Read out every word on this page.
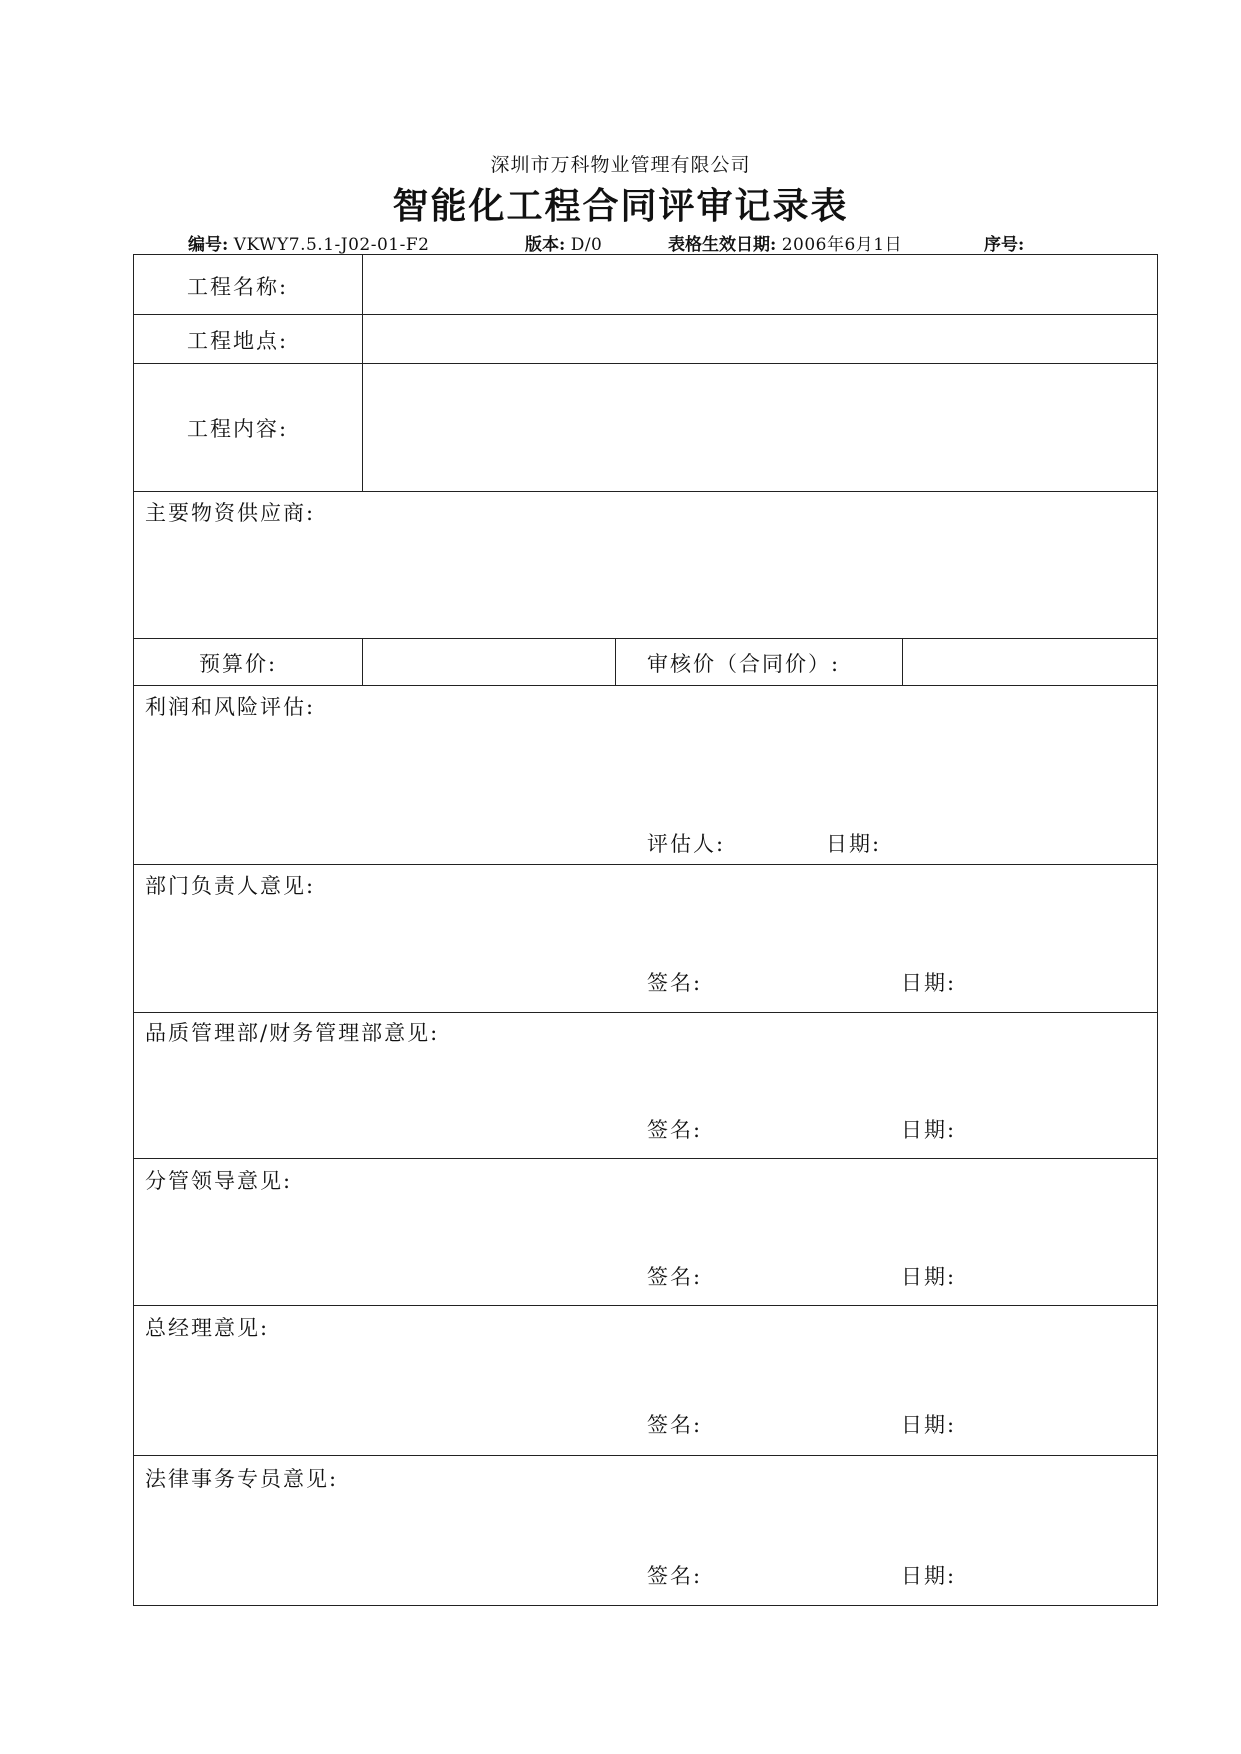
深圳市万科物业管理有限公司
智能化工程合同评审记录表
编号: VKWY7.5.1-J02-01-F2	版本: D/0	表格生效日期: 2006年6月1日	序号:
工程名称:
工程地点:
工程内容:
主要物资供应商:
预算价:	审核价（合同价）:
利润和风险评估:
评估人:	日期:
部门负责人意见:
签名:	日期:
品质管理部/财务管理部意见:
签名:	日期:
分管领导意见:
签名:	日期:
总经理意见:
签名:	日期:
法律事务专员意见:
签名:	日期:
